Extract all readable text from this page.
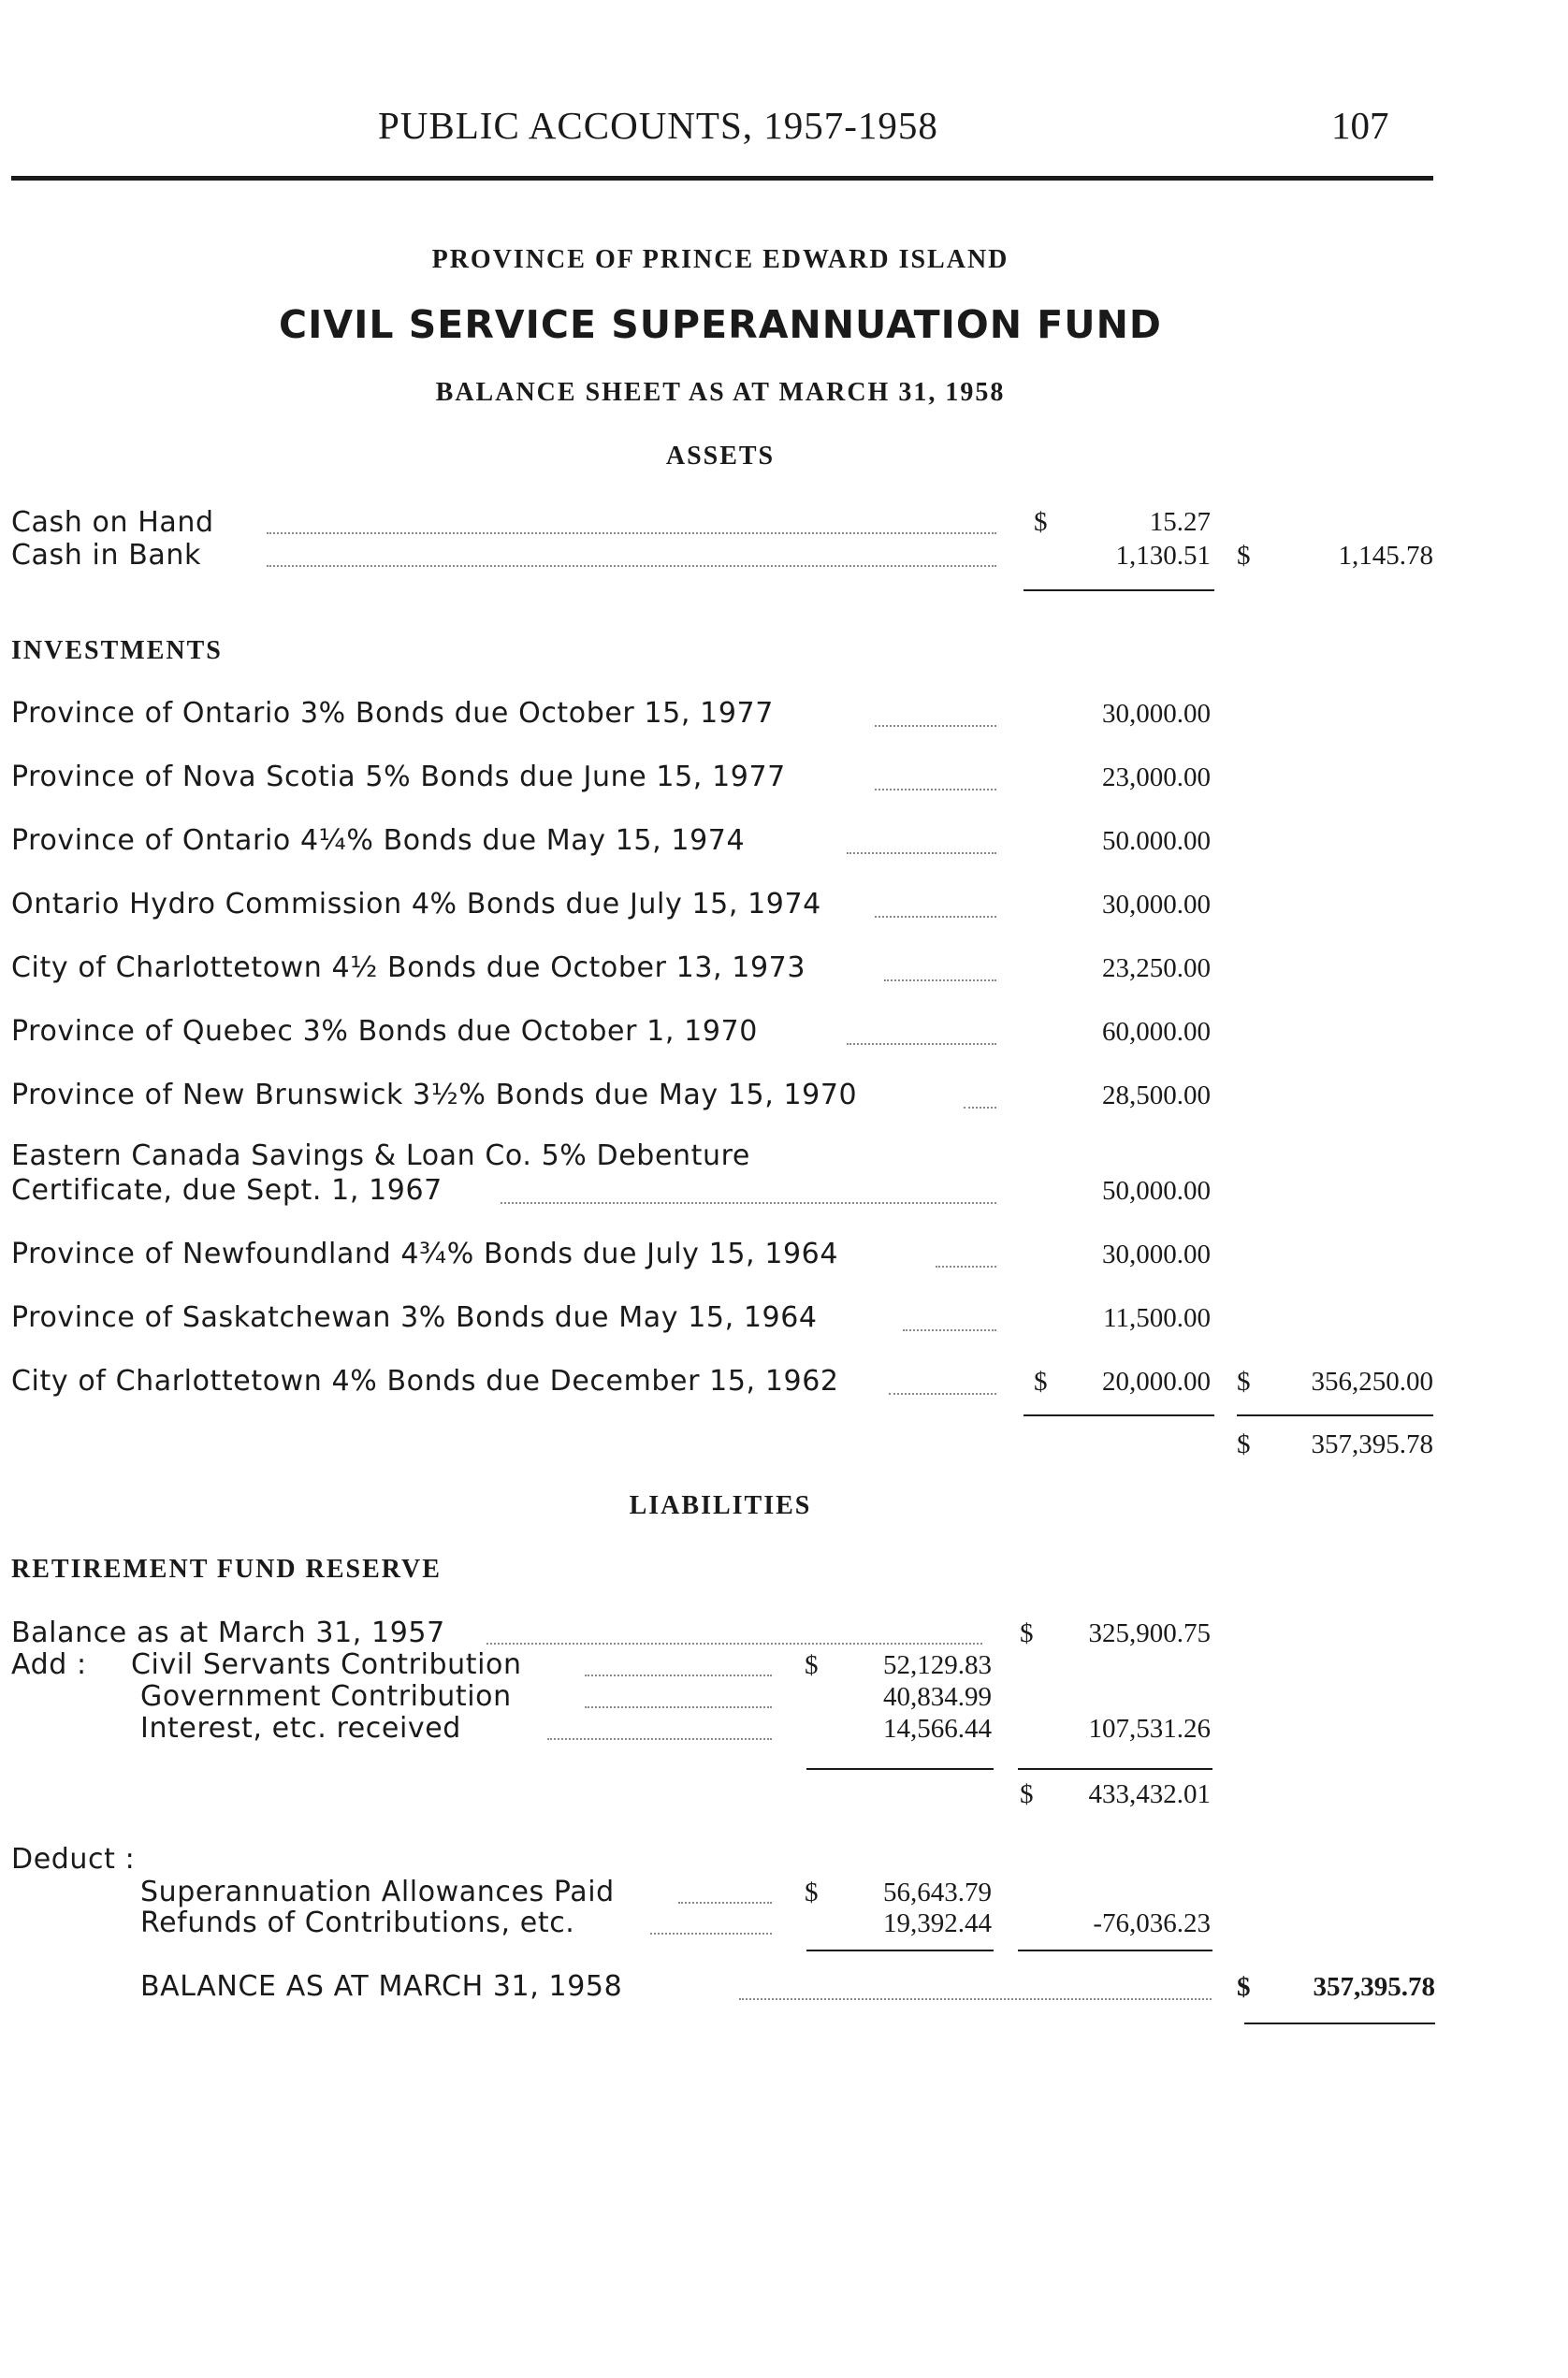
PUBLIC ACCOUNTS, 1957-1958	107
PROVINCE OF PRINCE EDWARD ISLAND
CIVIL SERVICE SUPERANNUATION FUND
BALANCE SHEET AS AT MARCH 31, 1958
ASSETS
Cash on Hand	$	15.27
Cash in Bank	1,130.51 $	1,145.78
INVESTMENTS
Province of Ontario 3% Bonds due October 15, 1977	30,000.00
Province of Nova Scotia 5% Bonds due June 15, 1977	23,000.00
Province of Ontario 4¼% Bonds due May 15, 1974	50.000.00
Ontario Hydro Commission 4% Bonds due July 15, 1974	30,000.00
City of Charlottetown 4½ Bonds due October 13, 1973	23,250.00
Province of Quebec 3% Bonds due October 1, 1970	60,000.00
Province of New Brunswick 3½% Bonds due May 15, 1970	28,500.00
Eastern Canada Savings & Loan Co. 5% Debenture
Certificate, due Sept. 1, 1967	50,000.00
Province of Newfoundland 4¾% Bonds due July 15, 1964	30,000.00
Province of Saskatchewan 3% Bonds due May 15, 1964	11,500.00
City of Charlottetown 4% Bonds due December 15, 1962	$	20,000.00 $	356,250.00
$	357,395.78
LIABILITIES
RETIREMENT FUND RESERVE
Balance as at March 31, 1957	$	325,900.75
Add : Civil Servants Contribution	$	52,129.83
Government Contribution	40,834.99
Interest, etc. received	14,566.44	107,531.26
$	433,432.01
Deduct :
Superannuation Allowances Paid	$	56,643.79
Refunds of Contributions, etc.	19,392.44	-76,036.23
BALANCE AS AT MARCH 31, 1958	$	357,395.78
